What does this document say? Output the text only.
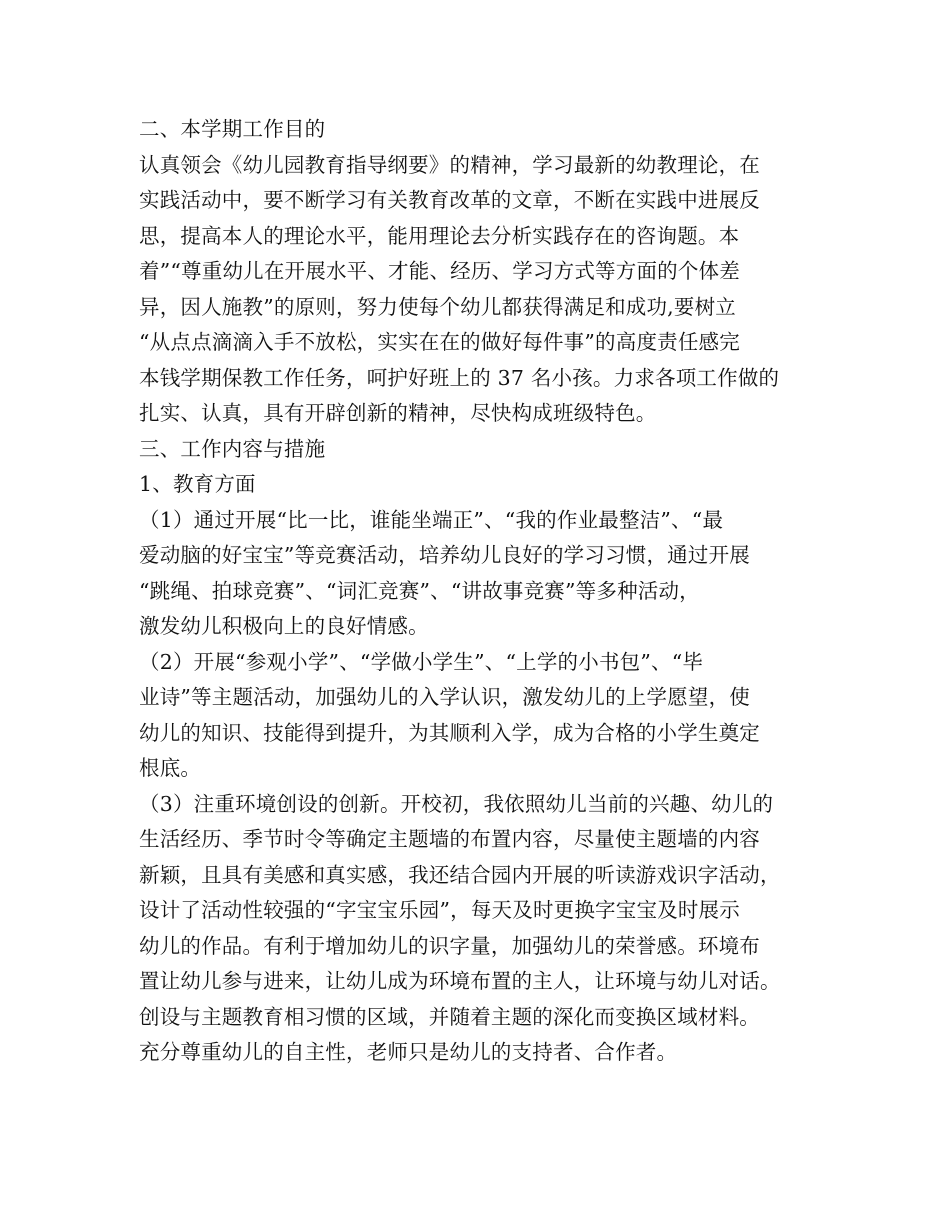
二、本学期工作目的
认真领会《幼儿园教育指导纲要》的精神，学习最新的幼教理论，在
实践活动中，要不断学习有关教育改革的文章，不断在实践中进展反
思，提高本人的理论水平，能用理论去分析实践存在的咨询题。本
着”“尊重幼儿在开展水平、才能、经历、学习方式等方面的个体差
异，因人施教”的原则，努力使每个幼儿都获得满足和成功,要树立
“从点点滴滴入手不放松，实实在在的做好每件事”的高度责任感完
本钱学期保教工作任务，呵护好班上的 37 名小孩。力求各项工作做的
扎实、认真，具有开辟创新的精神，尽快构成班级特色。
三、工作内容与措施
1、教育方面
（1）通过开展“比一比，谁能坐端正”、“我的作业最整洁”、“最
爱动脑的好宝宝”等竞赛活动，培养幼儿良好的学习习惯，通过开展
“跳绳、拍球竞赛”、“词汇竞赛”、“讲故事竞赛”等多种活动，
激发幼儿积极向上的良好情感。
（2）开展“参观小学”、“学做小学生”、“上学的小书包”、“毕
业诗”等主题活动，加强幼儿的入学认识，激发幼儿的上学愿望，使
幼儿的知识、技能得到提升，为其顺利入学，成为合格的小学生奠定
根底。
（3）注重环境创设的创新。开校初，我依照幼儿当前的兴趣、幼儿的
生活经历、季节时令等确定主题墙的布置内容，尽量使主题墙的内容
新颖，且具有美感和真实感，我还结合园内开展的听读游戏识字活动，
设计了活动性较强的“字宝宝乐园”，每天及时更换字宝宝及时展示
幼儿的作品。有利于增加幼儿的识字量，加强幼儿的荣誉感。环境布
置让幼儿参与进来，让幼儿成为环境布置的主人，让环境与幼儿对话。
创设与主题教育相习惯的区域，并随着主题的深化而变换区域材料。
充分尊重幼儿的自主性，老师只是幼儿的支持者、合作者。
